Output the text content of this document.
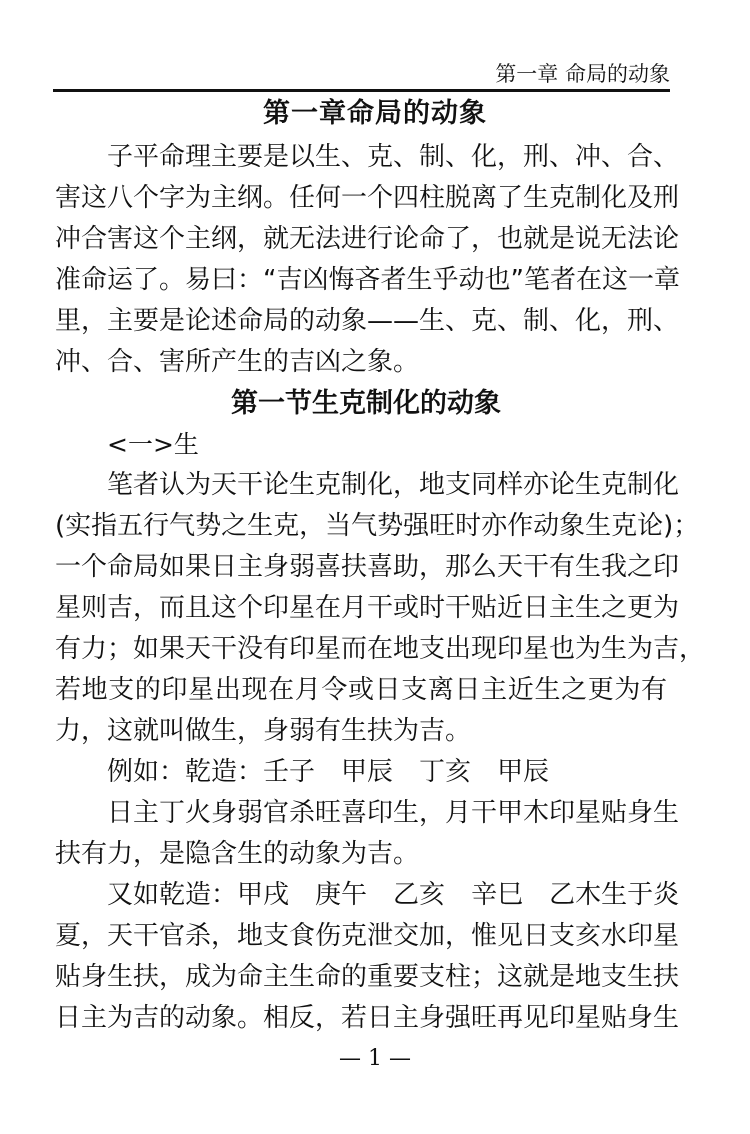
第一章 命局的动象
第一章命局的动象
子平命理主要是以生、克、制、化，刑、冲、合、
害这八个字为主纲。任何一个四柱脱离了生克制化及刑
冲合害这个主纲，就无法进行论命了，也就是说无法论
准命运了。易曰：“吉凶悔吝者生乎动也”笔者在这一章
里，主要是论述命局的动象——生、克、制、化，刑、
冲、合、害所产生的吉凶之象。
第一节生克制化的动象
<一>生
笔者认为天干论生克制化，地支同样亦论生克制化
(实指五行气势之生克，当气势强旺时亦作动象生克论)；
一个命局如果日主身弱喜扶喜助，那么天干有生我之印
星则吉，而且这个印星在月干或时干贴近日主生之更为
有力；如果天干没有印星而在地支出现印星也为生为吉，
若地支的印星出现在月令或日支离日主近生之更为有
力，这就叫做生，身弱有生扶为吉。
例如：乾造：壬子 甲辰 丁亥 甲辰
日主丁火身弱官杀旺喜印生，月干甲木印星贴身生
扶有力，是隐含生的动象为吉。
又如乾造：甲戌 庚午 乙亥 辛巳 乙木生于炎
夏，天干官杀，地支食伤克泄交加，惟见日支亥水印星
贴身生扶，成为命主生命的重要支柱；这就是地支生扶
日主为吉的动象。相反，若日主身强旺再见印星贴身生
— 1 —
